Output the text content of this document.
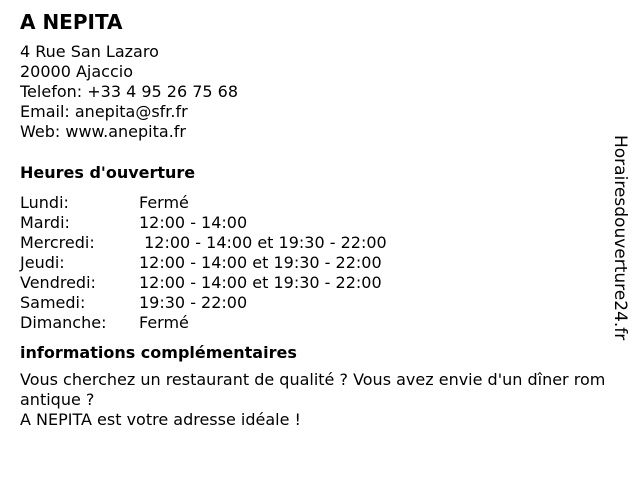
A NEPITA
4 Rue San Lazaro
20000 Ajaccio
Telefon: +33 4 95 26 75 68
Email: anepita@sfr.fr
Web: www.anepita.fr
Heures d'ouverture
Lundi:	Fermé
Mardi:	12:00 - 14:00
Mercredi:	12:00 - 14:00 et 19:30 - 22:00
Jeudi:	12:00 - 14:00 et 19:30 - 22:00
Vendredi:	12:00 - 14:00 et 19:30 - 22:00
Samedi:	19:30 - 22:00
Dimanche:	Fermé
informations complémentaires
Vous cherchez un restaurant de qualité ? Vous avez envie d'un dîner romantique ?
A NEPITA est votre adresse idéale !
Horairesdouverture24.fr
